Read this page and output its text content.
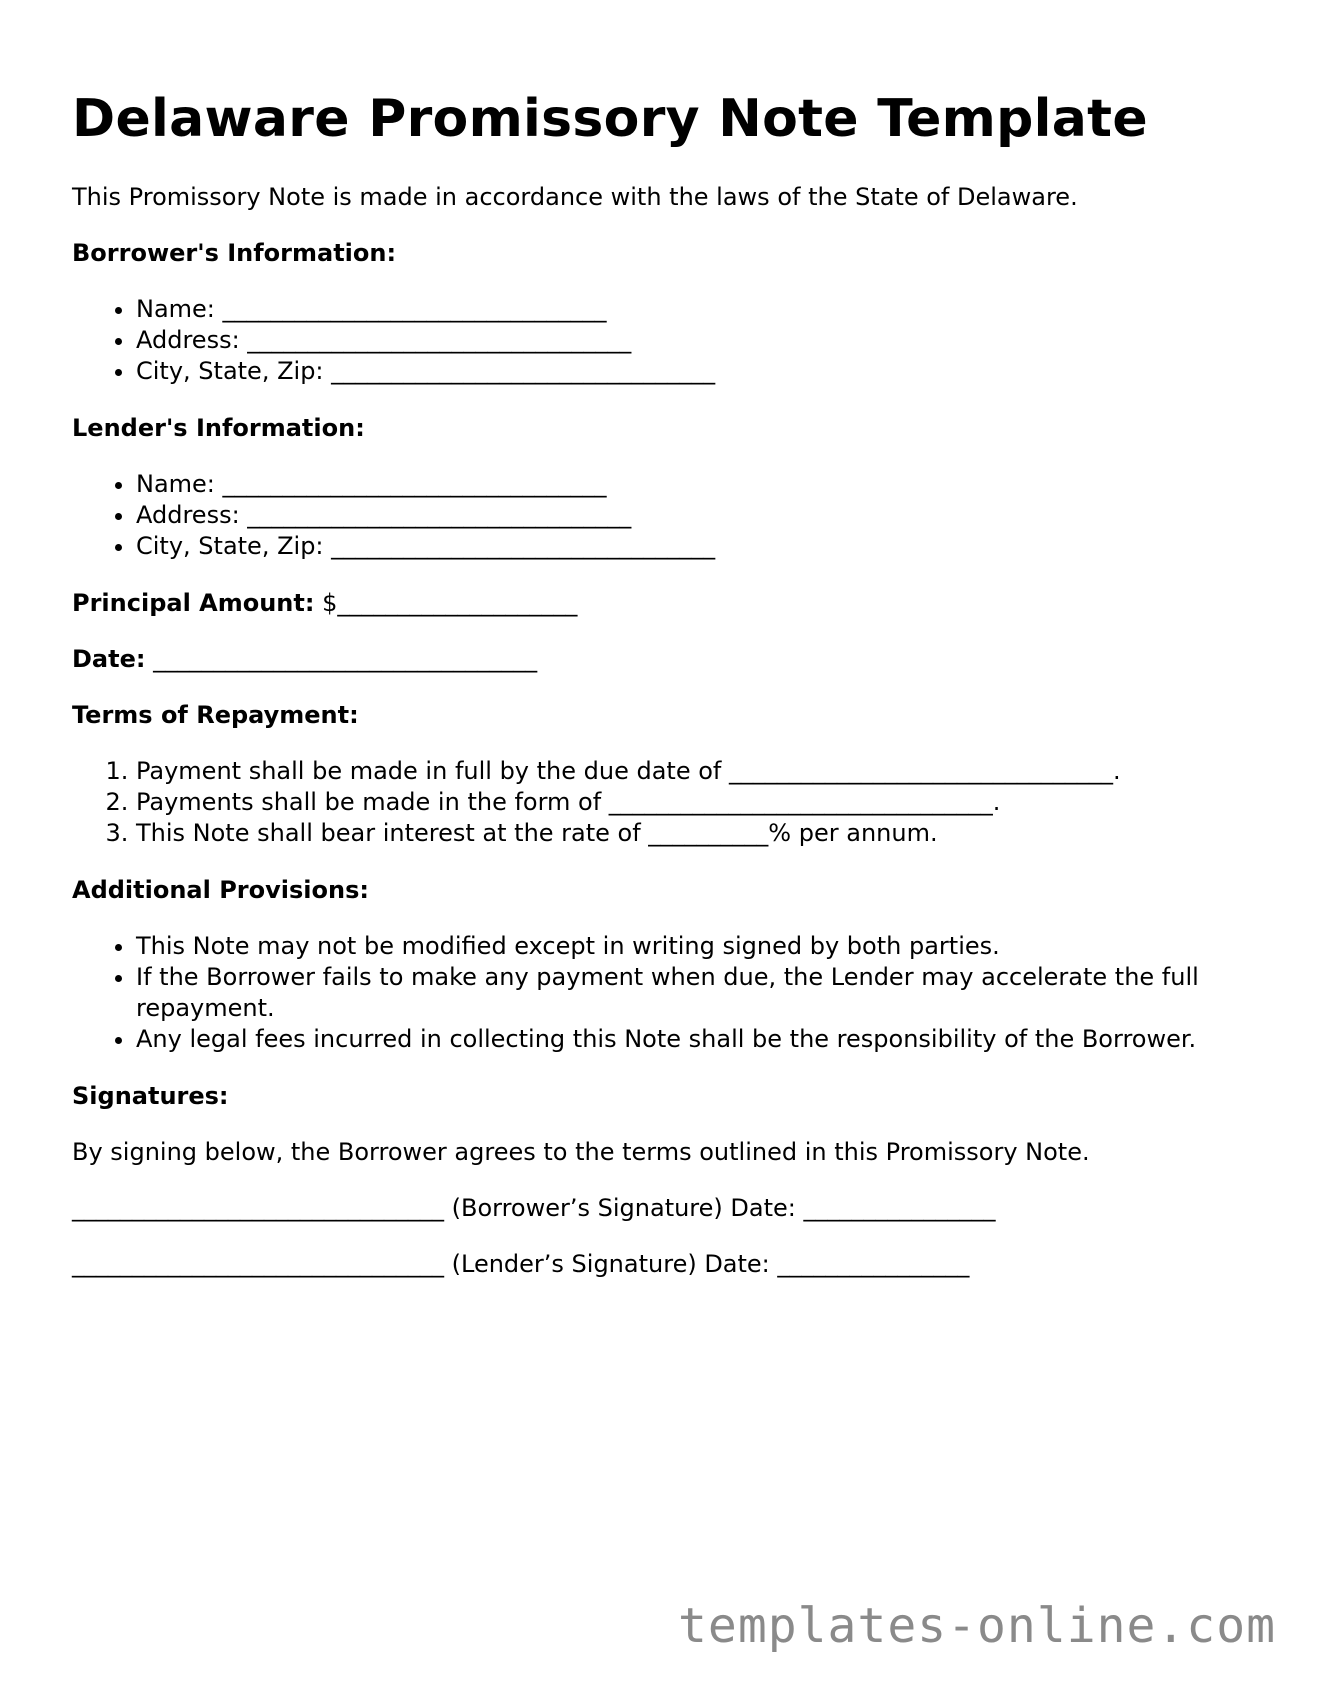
Delaware Promissory Note Template

This Promissory Note is made in accordance with the laws of the State of Delaware.

Borrower's Information:
• Name: ________________________________
• Address: ________________________________
• City, State, Zip: ________________________________
Lender's Information:
• Name: ________________________________
• Address: ________________________________
• City, State, Zip: ________________________________

Principal Amount: $____________________

Date: ________________________________

Terms of Repayment:
1. Payment shall be made in full by the due date of ________________________________.
2. Payments shall be made in the form of ________________________________.
3. This Note shall bear interest at the rate of __________% per annum.
Additional Provisions:
• This Note may not be modified except in writing signed by both parties.
• If the Borrower fails to make any payment when due, the Lender may accelerate the full repayment.
• Any legal fees incurred in collecting this Note shall be the responsibility of the Borrower.
Signatures:

By signing below, the Borrower agrees to the terms outlined in this Promissory Note.

_______________________________ (Borrower’s Signature) Date: ________________
_______________________________ (Lender’s Signature) Date: ________________
templates-online.com
